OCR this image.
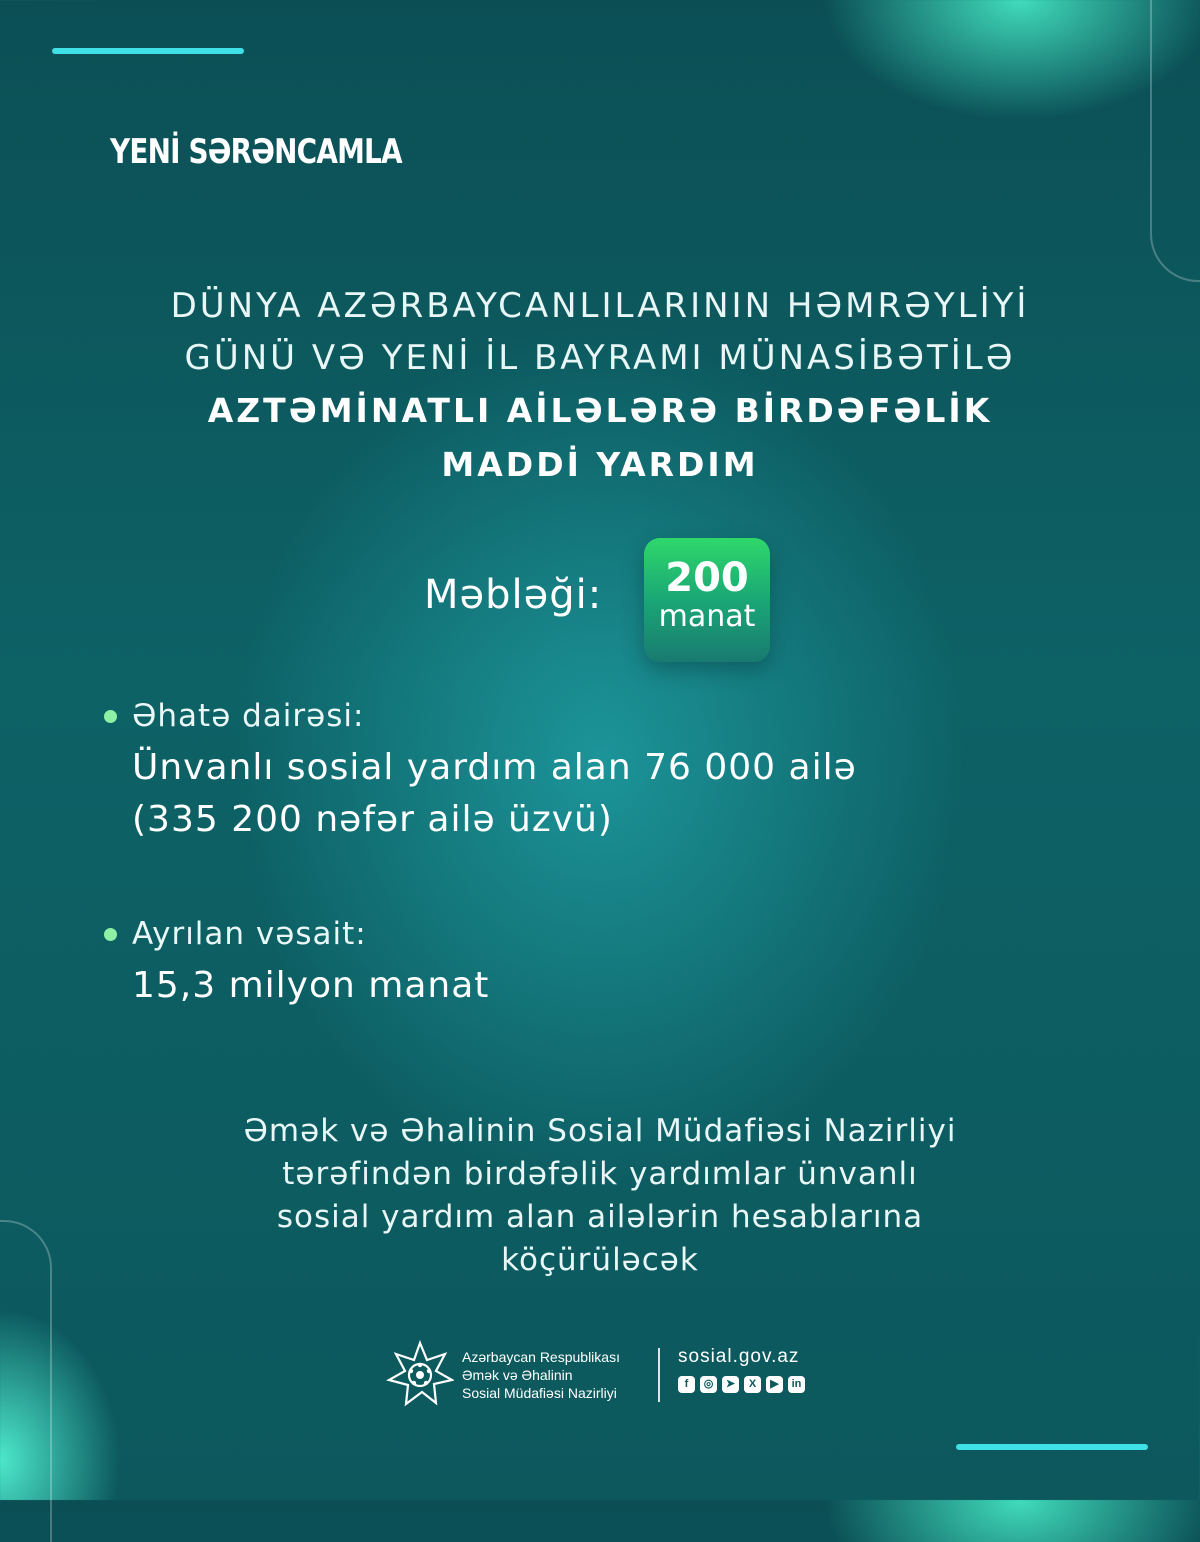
YENİ SƏRƏNCAMLA
DÜNYA AZƏRBAYCANLILARININ HƏMRƏYLİYİ
GÜNÜ VƏ YENİ İL BAYRAMI MÜNASİBƏTİLƏ
AZTƏMİNATLI AİLƏLƏRƏ BİRDƏFƏLİK
MADDİ YARDIM
Məbləği:	200
manat
Əhatə dairəsi:
Ünvanlı sosial yardım alan 76 000 ailə
(335 200 nəfər ailə üzvü)
Ayrılan vəsait:
15,3 milyon manat
Əmək və Əhalinin Sosial Müdafiəsi Nazirliyi
tərəfindən birdəfəlik yardımlar ünvanlı
sosial yardım alan ailələrin hesablarına
köçürüləcək
Azərbaycan Respublikası
Əmək və Əhalinin
Sosial Müdafiəsi Nazirliyi
sosial.gov.az
f	◎	➤	X	▶	in
